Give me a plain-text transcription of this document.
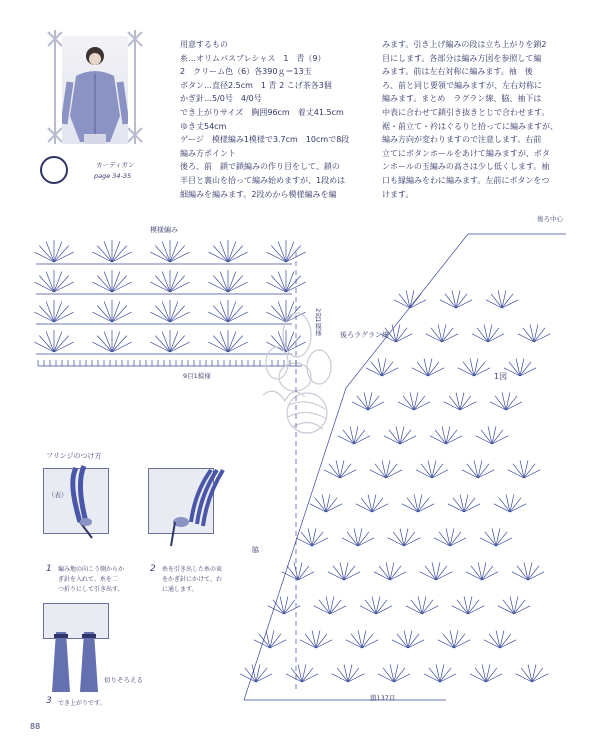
カーディガン
page 34-35
用意するもの
糸…オリムパスプレシャス　1　青（9）
2　クリーム色（6）各390ｇ＝13玉
ボタン…直径2.5cm　1 青 2 こげ茶各3個
かぎ針…5/0号　4/0号
でき上がりサイズ　胸囲96cm　着丈41.5cm
ゆき丈54cm
ゲージ　模様編み1模様で3.7cm　10cmで8段
編み方ポイント
後ろ、前　鎖で鎖編みの作り目をして、鎖の
半目と裏山を拾って編み始めますが、1段めは
細編みを編みます。2段めから模様編みを編
みます。引き上げ編みの段は立ち上がりを鎖2
目にします。各部分は編み方図を参照して編
みます。前は左右対称に編みます。袖　後
ろ、前と同じ要領で編みますが、左右対称に
編みます。まとめ　ラグラン線、脇、袖下は
中表に合わせて鎖引き抜きとじで合わせます。
裾・前立て・衿はぐるりと拾ってに編みますが、
編み方向が変わりますので注意します。右前
立てにボタンホールをあけて編みますが、ボタ
ンホールの玉編みの高さは少し低くします。袖
口も縁編みをわに編みます。左前にボタンをつ
けます。
模様編み
9目1模様
2段1模様
フリンジのつけ方
（表）
1 編み地の向こう側からか
ぎ針を入れて、糸を二
つ折りにして引き出す。
2 糸を引き出した糸の束
をかぎ針にかけて、わ
に通します。
切りそろえる
3 でき上がりです。
後ろ中心
後ろラグラン線
1図
脇
鎖137目
88
